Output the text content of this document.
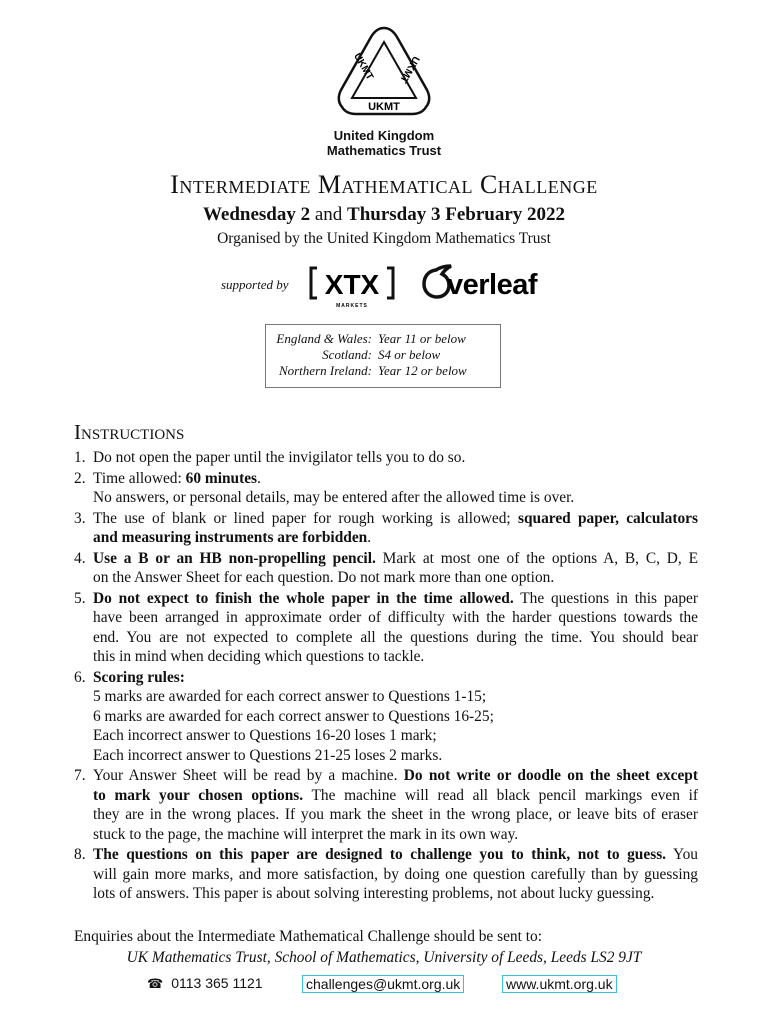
UKMT
UKMT UKMT
United Kingdom
Mathematics Trust
Intermediate Mathematical Challenge
Wednesday 2 and Thursday 3 February 2022
Organised by the United Kingdom Mathematics Trust
supported by XTX
MARKETS
verleaf
England & Wales: Year 11 or below
Scotland: S4 or below
Northern Ireland: Year 12 or below
Instructions
1. Do not open the paper until the invigilator tells you to do so.
2. Time allowed: 60 minutes.
No answers, or personal details, may be entered after the allowed time is over.
3. The use of blank or lined paper for rough working is allowed; squared paper, calculators
and measuring instruments are forbidden.
4. Use a B or an HB non-propelling pencil. Mark at most one of the options A, B, C, D, E
on the Answer Sheet for each question. Do not mark more than one option.
5. Do not expect to finish the whole paper in the time allowed. The questions in this paper
have been arranged in approximate order of difficulty with the harder questions towards the
end. You are not expected to complete all the questions during the time. You should bear
this in mind when deciding which questions to tackle.
6. Scoring rules:
5 marks are awarded for each correct answer to Questions 1-15;
6 marks are awarded for each correct answer to Questions 16-25;
Each incorrect answer to Questions 16-20 loses 1 mark;
Each incorrect answer to Questions 21-25 loses 2 marks.
7. Your Answer Sheet will be read by a machine. Do not write or doodle on the sheet except
to mark your chosen options. The machine will read all black pencil markings even if
they are in the wrong places. If you mark the sheet in the wrong place, or leave bits of eraser
stuck to the page, the machine will interpret the mark in its own way.
8. The questions on this paper are designed to challenge you to think, not to guess. You
will gain more marks, and more satisfaction, by doing one question carefully than by guessing
lots of answers. This paper is about solving interesting problems, not about lucky guessing.
Enquiries about the Intermediate Mathematical Challenge should be sent to:
UK Mathematics Trust, School of Mathematics, University of Leeds, Leeds LS2 9JT
☎ 0113 365 1121	challenges@ukmt.org.uk	www.ukmt.org.uk
